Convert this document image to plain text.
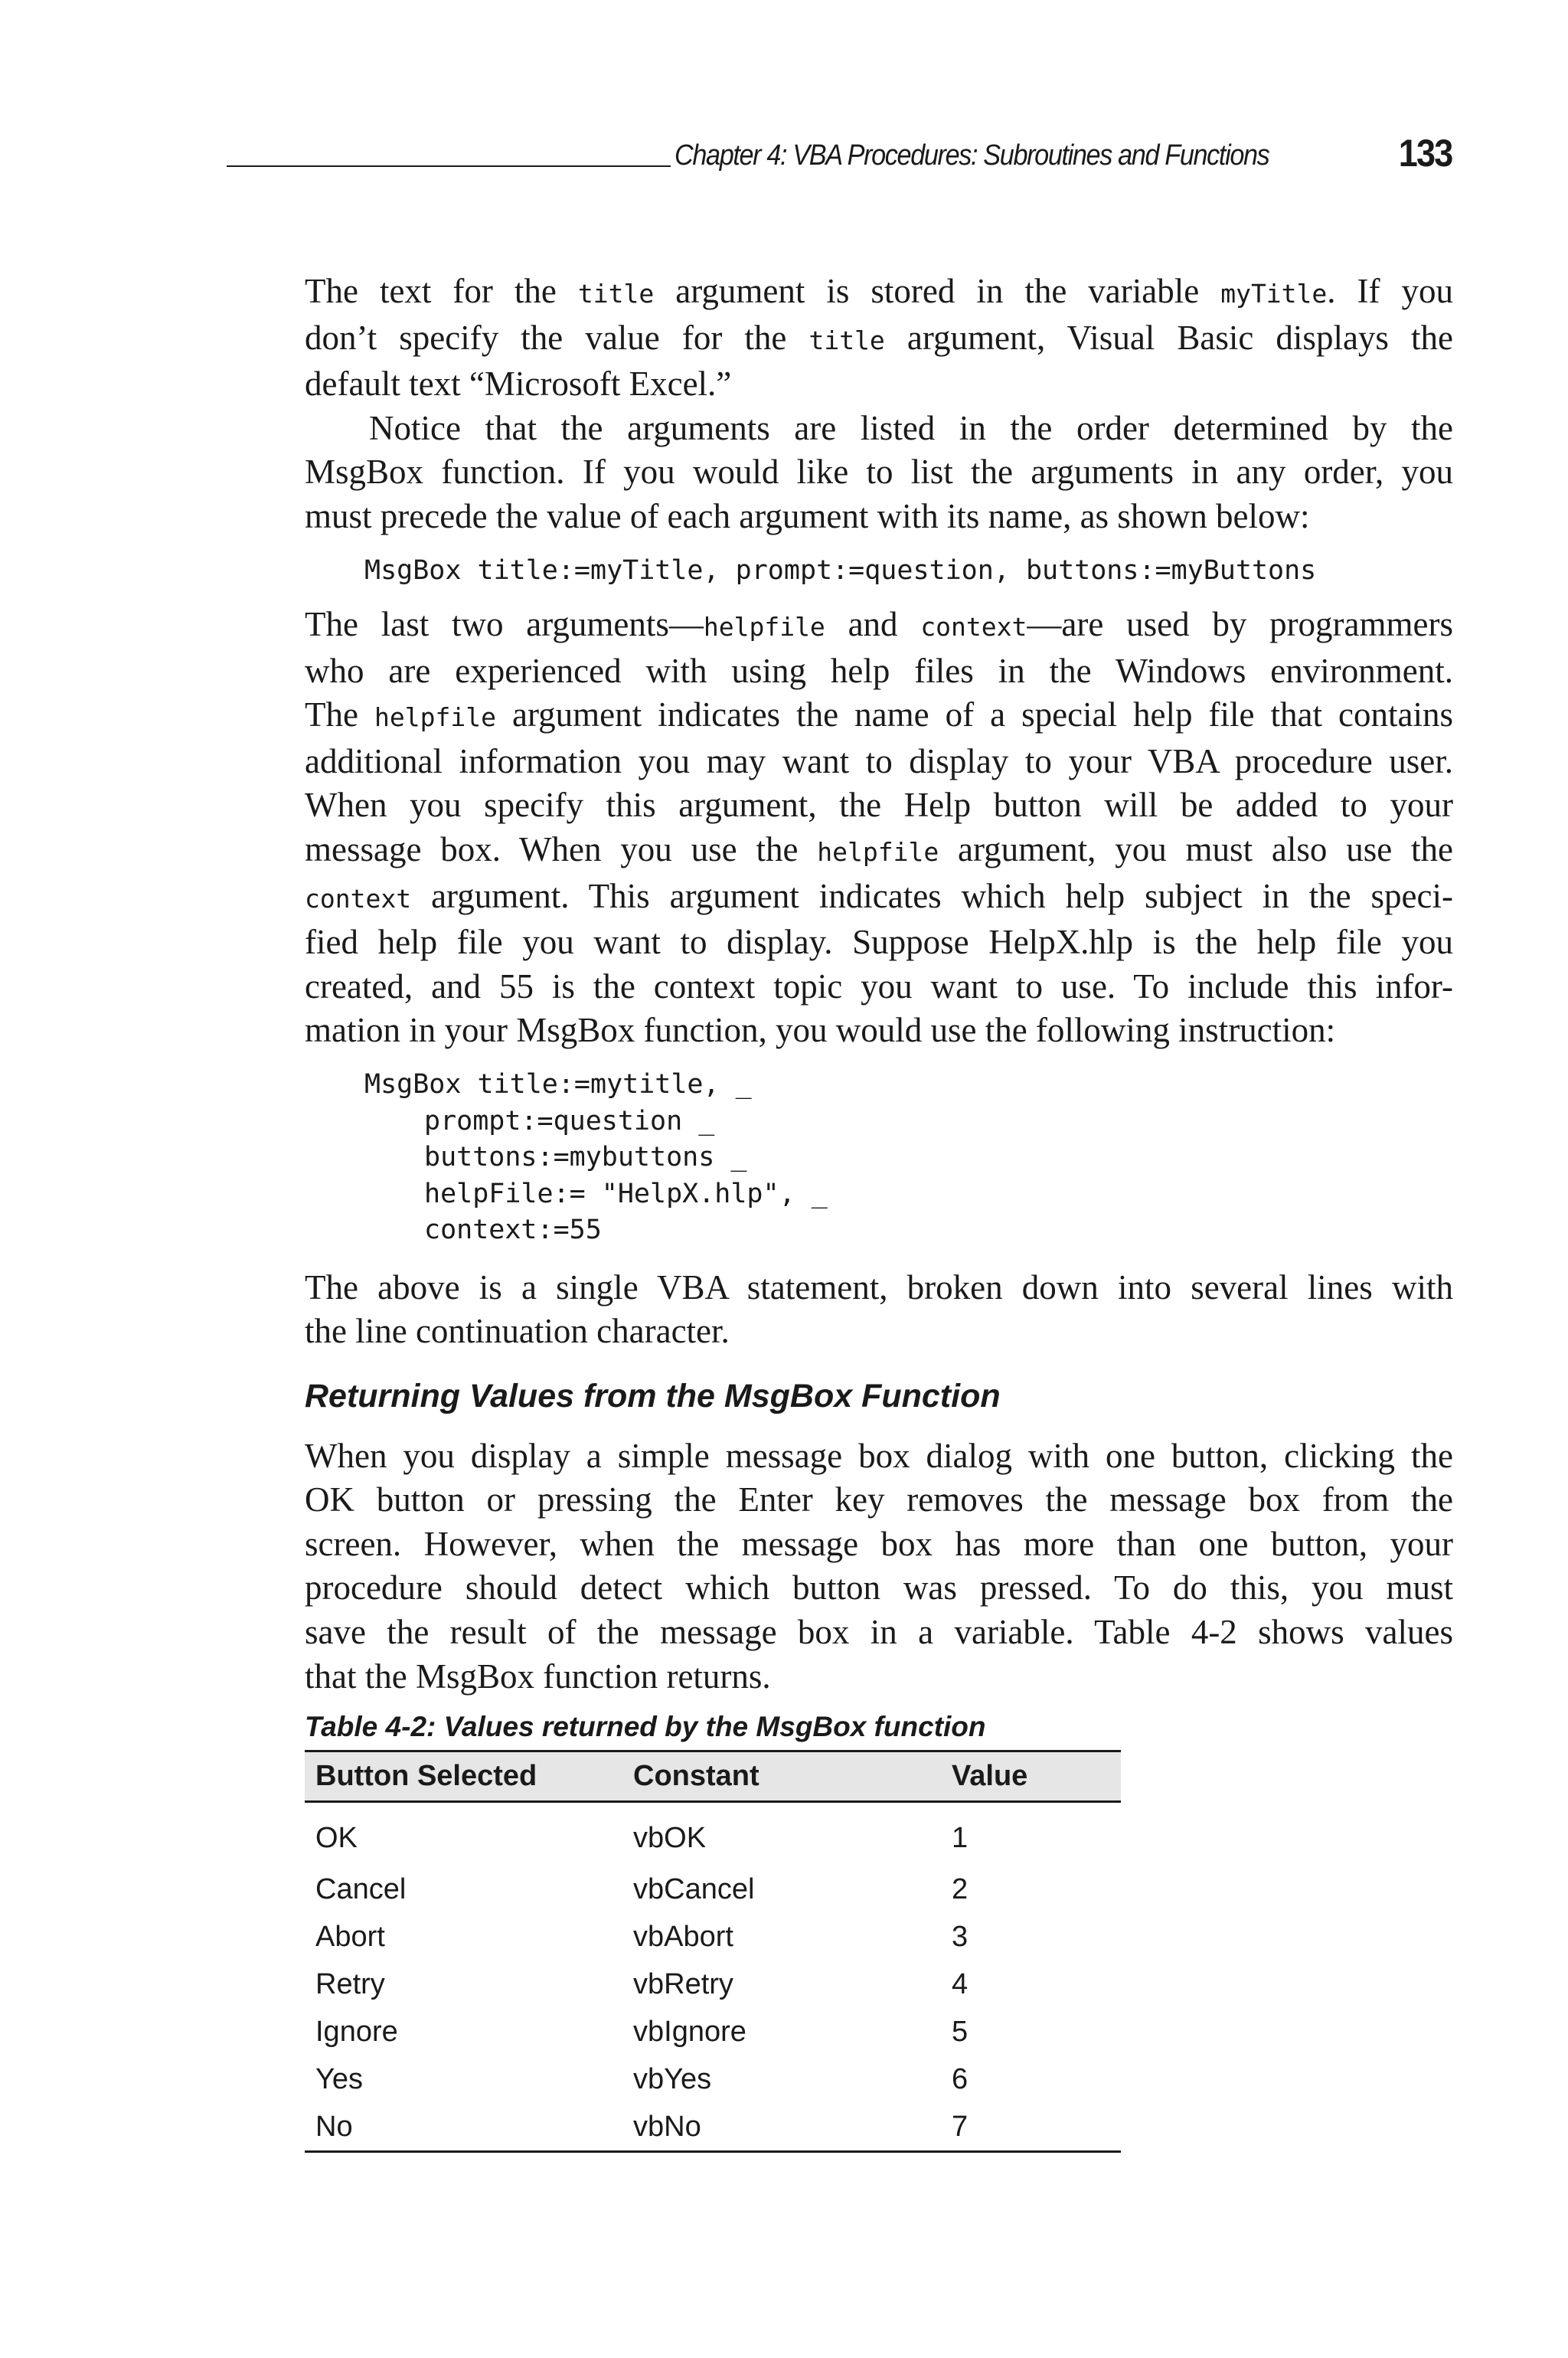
Chapter 4: VBA Procedures: Subroutines and Functions	133

The text for the title argument is stored in the variable myTitle. If you
don’t specify the value for the title argument, Visual Basic displays the
default text “Microsoft Excel.”

Notice that the arguments are listed in the order determined by the
MsgBox function. If you would like to list the arguments in any order, you
must precede the value of each argument with its name, as shown below:

MsgBox title:=myTitle, prompt:=question, buttons:=myButtons

The last two arguments—helpfile and context—are used by programmers
who are experienced with using help files in the Windows environment.
The helpfile argument indicates the name of a special help file that contains
additional information you may want to display to your VBA procedure user.
When you specify this argument, the Help button will be added to your
message box. When you use the helpfile argument, you must also use the
context argument. This argument indicates which help subject in the speci-
fied help file you want to display. Suppose HelpX.hlp is the help file you
created, and 55 is the context topic you want to use. To include this infor-
mation in your MsgBox function, you would use the following instruction:

MsgBox title:=mytitle, _
prompt:=question _
buttons:=mybuttons _
helpFile:= "HelpX.hlp", _
context:=55

The above is a single VBA statement, broken down into several lines with
the line continuation character.

Returning Values from the MsgBox Function

When you display a simple message box dialog with one button, clicking the
OK button or pressing the Enter key removes the message box from the
screen. However, when the message box has more than one button, your
procedure should detect which button was pressed. To do this, you must
save the result of the message box in a variable. Table 4-2 shows values
that the MsgBox function returns.

Table 4-2: Values returned by the MsgBox function

Button Selected	Constant	Value
OK	vbOK	1
Cancel	vbCancel	2
Abort	vbAbort	3
Retry	vbRetry	4
Ignore	vbIgnore	5
Yes	vbYes	6
No	vbNo	7
